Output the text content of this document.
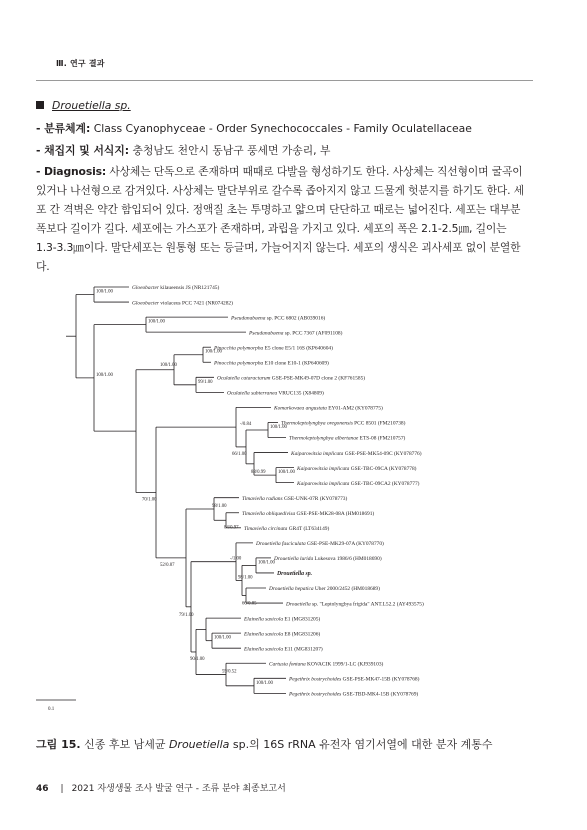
Ⅲ. 연구 결과
Drouetiella sp.
- 분류체계: Class Cyanophyceae - Order Synechococcales - Family Oculatellaceae
- 채집지 및 서식지: 충청남도 천안시 동남구 풍세면 가송리, 부
- Diagnosis: 사상체는 단독으로 존재하며 때때로 다발을 형성하기도 한다. 사상체는 직선형이며 굴곡이 있거나 나선형으로 감겨있다. 사상체는 말단부위로 갈수록 좁아지지 않고 드물게 헛분지를 하기도 한다. 세포 간 격벽은 약간 함입되어 있다. 정액질 초는 투명하고 얇으며 단단하고 때로는 넓어진다. 세포는 대부분 폭보다 길이가 길다. 세포에는 가스포가 존재하며, 과립을 가지고 있다. 세포의 폭은 2.1-2.5㎛, 길이는 1.3-3.3㎛이다. 말단세포는 원통형 또는 등글며, 가늘어지지 않는다. 세포의 생식은 괴사세포 없이 분열한다.
Gloeobacter kilaueensis JS (NR121745)
Gloeobacter violaceus PCC 7421 (NR074282)
Pseudanabaena sp. PCC 6802 (AB039016)
Pseudanabaena sp. PCC 7367 (AF091108)
Pinocchia polymorpha E5 clone E5/1 16S (KP640604)
Pinocchia polymorpha E10 clone E10-1 (KP640609)
Oculatella cataractarum GSE-PSE-MK49-07D clone 2 (KF761585)
Oculatella subterranea VRUC135 (X84809)
Komarkovaea angustata EY01-AM2 (KY078775)
Thermoleptolyngbya oregonensis PCC 8501 (FM210738)
Thermoleptolyngbya albertanae ETS-08 (FM210757)
Kaiparowitsia implicata GSE-PSE-MK54-09C (KY078776)
Kaiparowitsia implicata GSE-TBC-09CA (KY078778)
Kaiparowitsia implicata GSE-TBC-09CA2 (KY078777)
Timaviella radians GSE-UNK-07R (KY078773)
Timaviella obliquedivisa GSE-PSE-MK28-08A (HM018691)
Timaviella circinata GR4T (LT634149)
Drouetiella fasciculata GSE-PSE-MK29-07A (KY078770)
Drouetiella lurida Lukesova 1986/6 (HM018690)
Drouetiella sp.
Drouetiella hepatica Uher 2000/2452 (HM018689)
Drouetiella sp. "Leptolyngbya frigida" ANT.L52.2 (AY493575)
Elainella saxicola E1 (MG831205)
Elainella saxicola E8 (MG831206)
Elainella saxicola E11 (MG831207)
Cartusia fontana KOVACIK 1999/1-LC (KJ939103)
Pegethrix bostrychoides GSE-PSE-MK47-15B (KY078768)
Pegethrix bostrychoides GSE-TBD-MK4-15B (KY078769)
100/1.00
100/1.00
100/1.00
100/1.00
99/1.00
100/1.00
-/0.84
100/1.00
88/0.99	100/1.00
66/1.00
70/1.00
98/1.00
84/0.97
-/1.00
100/1.00
98/1.00
60/0.85
52/0.87
100/1.00
90/1.00
79/1.00
100/1.00
59/0.52
0.1
그림 15. 신종 후보 남세균 Drouetiella sp.의 16S rRNA 유전자 염기서열에 대한 분자 계통수
46 | 2021 자생생물 조사 발굴 연구 - 조류 분야 최종보고서
